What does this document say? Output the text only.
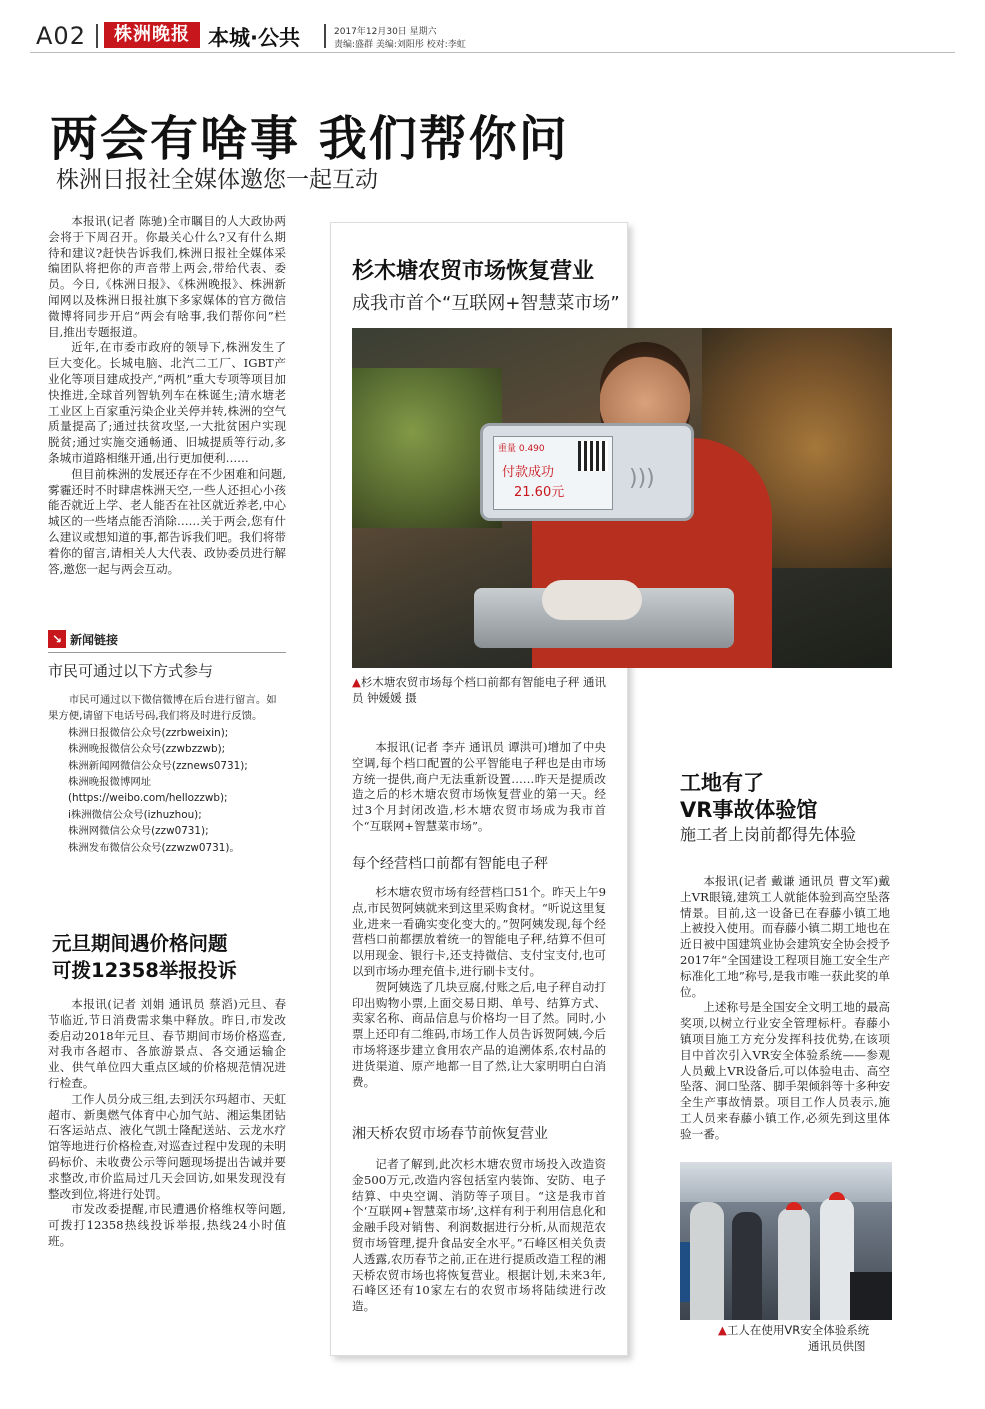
A02	株洲晚报 本城·公共	2017年12月30日 星期六
责编:盛群 美编:刘阳彤 校对:李虹
两会有啥事 我们帮你问
株洲日报社全媒体邀您一起互动

本报讯(记者 陈驰)全市瞩目的人大政协两会将于下周召开。你最关心什么?又有什么期待和建议?赶快告诉我们,株洲日报社全媒体采编团队将把你的声音带上两会,带给代表、委员。今日,《株洲日报》、《株洲晚报》、株洲新闻网以及株洲日报社旗下多家媒体的官方微信微博将同步开启“两会有啥事,我们帮你问”栏目,推出专题报道。

近年,在市委市政府的领导下,株洲发生了巨大变化。长城电脑、北汽二工厂、IGBT产业化等项目建成投产,“两机”重大专项等项目加快推进,全球首列智轨列车在株诞生;清水塘老工业区上百家重污染企业关停并转,株洲的空气质量提高了;通过扶贫攻坚,一大批贫困户实现脱贫;通过实施交通畅通、旧城提质等行动,多条城市道路相继开通,出行更加便利……

但目前株洲的发展还存在不少困难和问题,雾霾还时不时肆虐株洲天空,一些人还担心小孩能否就近上学、老人能否在社区就近养老,中心城区的一些堵点能否消除……关于两会,您有什么建议或想知道的事,都告诉我们吧。我们将带着你的留言,请相关人大代表、政协委员进行解答,邀您一起与两会互动。

↘ 新闻链接
市民可通过以下方式参与
市民可通过以下微信微博在后台进行留言。如果方便,请留下电话号码,我们将及时进行反馈。
株洲日报微信公众号(zzrbweixin);
株洲晚报微信公众号(zzwbzzwb);
株洲新闻网微信公众号(zznews0731);
株洲晚报微博网址
(https://weibo.com/hellozzwb);
i株洲微信公众号(izhuzhou);
株洲网微信公众号(zzw0731);
株洲发布微信公众号(zzwzw0731)。
元旦期间遇价格问题
可拨12358举报投诉

本报讯(记者 刘娟 通讯员 蔡滔)元旦、春节临近,节日消费需求集中释放。昨日,市发改委启动2018年元旦、春节期间市场价格巡查,对我市各超市、各旅游景点、各交通运输企业、供气单位四大重点区域的价格规范情况进行检查。

工作人员分成三组,去到沃尔玛超市、天虹超市、新奥燃气体育中心加气站、湘运集团钻石客运站点、液化气凯士隆配送站、云龙水疗馆等地进行价格检查,对巡查过程中发现的未明码标价、未收费公示等问题现场提出告诫并要求整改,市价监局过几天会回访,如果发现没有整改到位,将进行处罚。

市发改委提醒,市民遭遇价格维权等问题,可拨打12358热线投诉举报,热线24小时值班。

杉木塘农贸市场恢复营业
成我市首个“互联网+智慧菜市场”
重量 0.490
付款成功
21.60元
)))
▲杉木塘农贸市场每个档口前都有智能电子秤 通讯员 钟媛媛 摄

本报讯(记者 李卉 通讯员 谭洪可)增加了中央空调,每个档口配置的公平智能电子秤也是由市场方统一提供,商户无法重新设置……昨天是提质改造之后的杉木塘农贸市场恢复营业的第一天。经过3个月封闭改造,杉木塘农贸市场成为我市首个“互联网+智慧菜市场”。

每个经营档口前都有智能电子秤

杉木塘农贸市场有经营档口51个。昨天上午9点,市民贺阿姨就来到这里采购食材。“听说这里复业,进来一看确实变化变大的。”贺阿姨发现,每个经营档口前都摆放着统一的智能电子秤,结算不但可以用现金、银行卡,还支持微信、支付宝支付,也可以到市场办理充值卡,进行刷卡支付。

贺阿姨选了几块豆腐,付账之后,电子秤自动打印出购物小票,上面交易日期、单号、结算方式、卖家名称、商品信息与价格均一目了然。同时,小票上还印有二维码,市场工作人员告诉贺阿姨,今后市场将逐步建立食用农产品的追溯体系,农村品的进货渠道、原产地都一目了然,让大家明明白白消费。

湘天桥农贸市场春节前恢复营业

记者了解到,此次杉木塘农贸市场投入改造资金500万元,改造内容包括室内装饰、安防、电子结算、中央空调、消防等子项目。“这是我市首个‘互联网+智慧菜市场’,这样有利于利用信息化和金融手段对销售、利润数据进行分析,从而规范农贸市场管理,提升食品安全水平。”石峰区相关负责人透露,农历春节之前,正在进行提质改造工程的湘天桥农贸市场也将恢复营业。根据计划,未来3年,石峰区还有10家左右的农贸市场将陆续进行改造。

工地有了
VR事故体验馆
施工者上岗前都得先体验

本报讯(记者 戴谦 通讯员 曹文军)戴上VR眼镜,建筑工人就能体验到高空坠落情景。目前,这一设备已在春藤小镇工地上被投入使用。而春藤小镇二期工地也在近日被中国建筑业协会建筑安全协会授予2017年“全国建设工程项目施工安全生产标准化工地”称号,是我市唯一获此奖的单位。

上述称号是全国安全文明工地的最高奖项,以树立行业安全管理标杆。春藤小镇项目施工方充分发挥科技优势,在该项目中首次引入VR安全体验系统——参观人员戴上VR设备后,可以体验电击、高空坠落、洞口坠落、脚手架倾斜等十多种安全生产事故情景。项目工作人员表示,施工人员来春藤小镇工作,必须先到这里体验一番。

▲工人在使用VR安全体验系统
通讯员供图
